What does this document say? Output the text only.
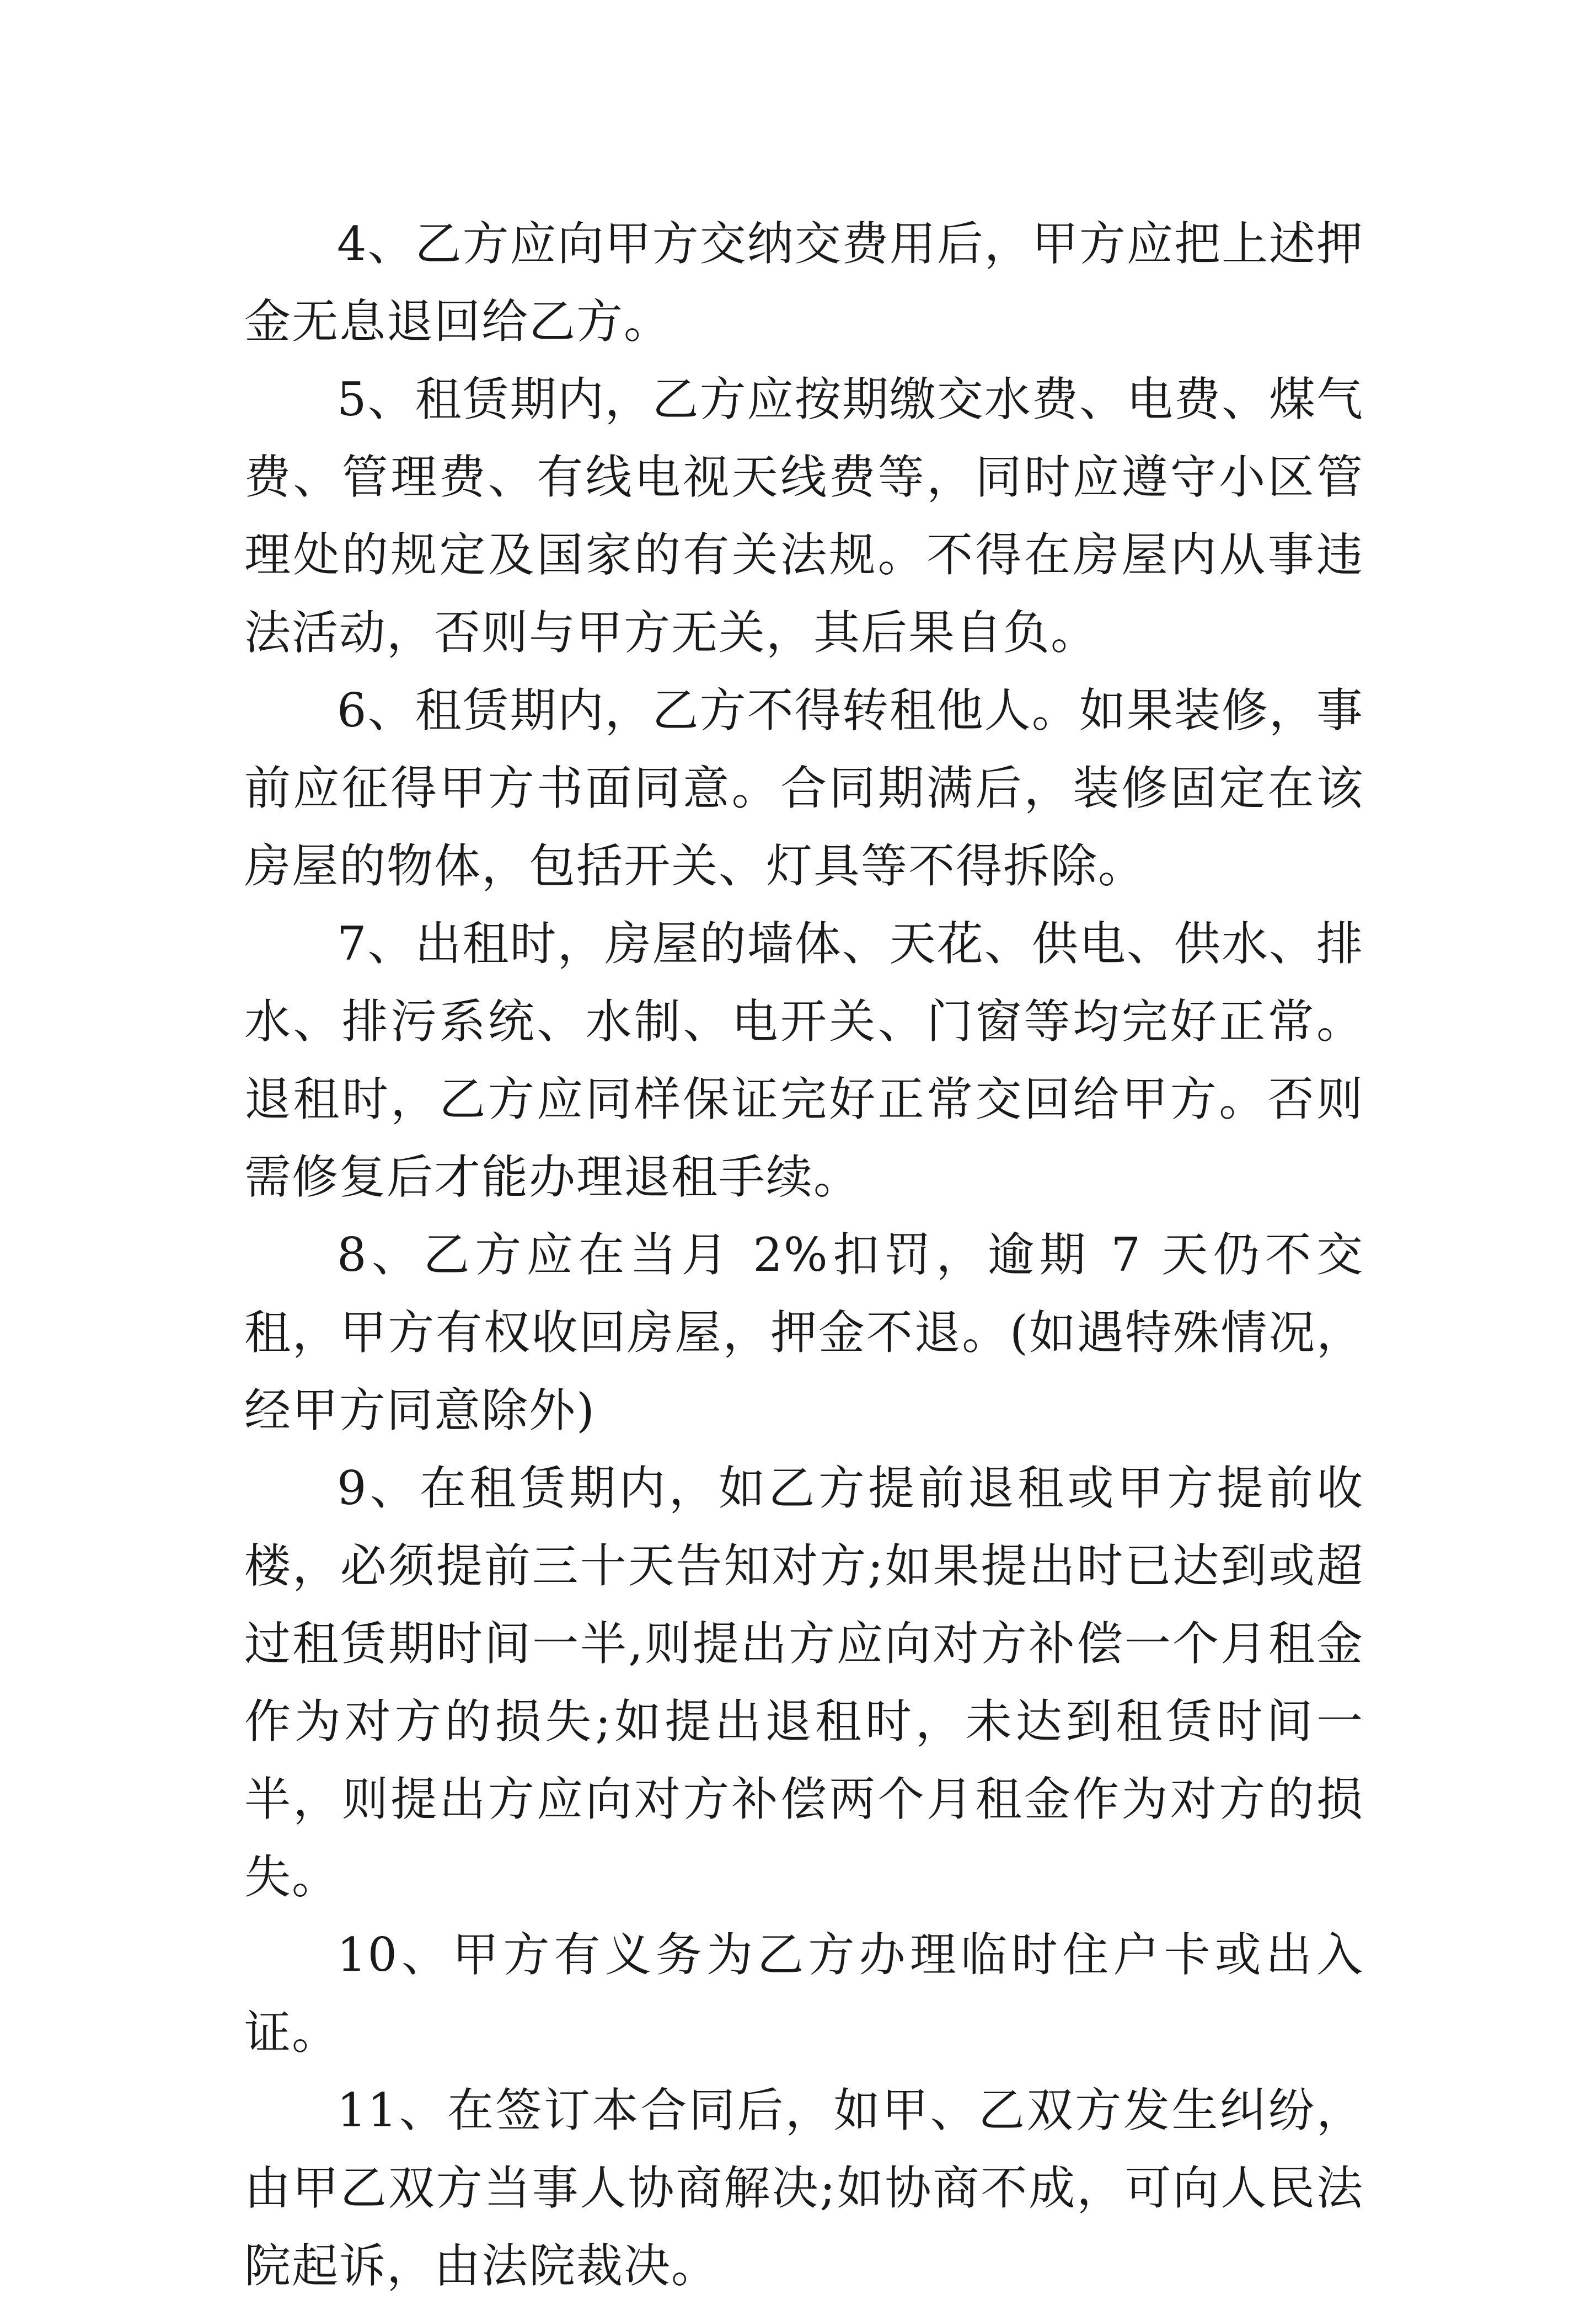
4、乙方应向甲方交纳交费用后，甲方应把上述押金无息退回给乙方。

5、租赁期内，乙方应按期缴交水费、电费、煤气费、管理费、有线电视天线费等，同时应遵守小区管理处的规定及国家的有关法规。不得在房屋内从事违法活动，否则与甲方无关，其后果自负。

6、租赁期内，乙方不得转租他人。如果装修，事前应征得甲方书面同意。合同期满后，装修固定在该房屋的物体，包括开关、灯具等不得拆除。

7、出租时，房屋的墙体、天花、供电、供水、排水、排污系统、水制、电开关、门窗等均完好正常。退租时，乙方应同样保证完好正常交回给甲方。否则需修复后才能办理退租手续。

8、乙方应在当月 2%扣罚，逾期 7 天仍不交租，甲方有权收回房屋，押金不退。(如遇特殊情况，经甲方同意除外)

9、在租赁期内，如乙方提前退租或甲方提前收楼，必须提前三十天告知对方;如果提出时已达到或超过租赁期时间一半,则提出方应向对方补偿一个月租金作为对方的损失;如提出退租时，未达到租赁时间一半，则提出方应向对方补偿两个月租金作为对方的损失。

10、甲方有义务为乙方办理临时住户卡或出入证。

11、在签订本合同后，如甲、乙双方发生纠纷，由甲乙双方当事人协商解决;如协商不成，可向人民法院起诉，由法院裁决。
